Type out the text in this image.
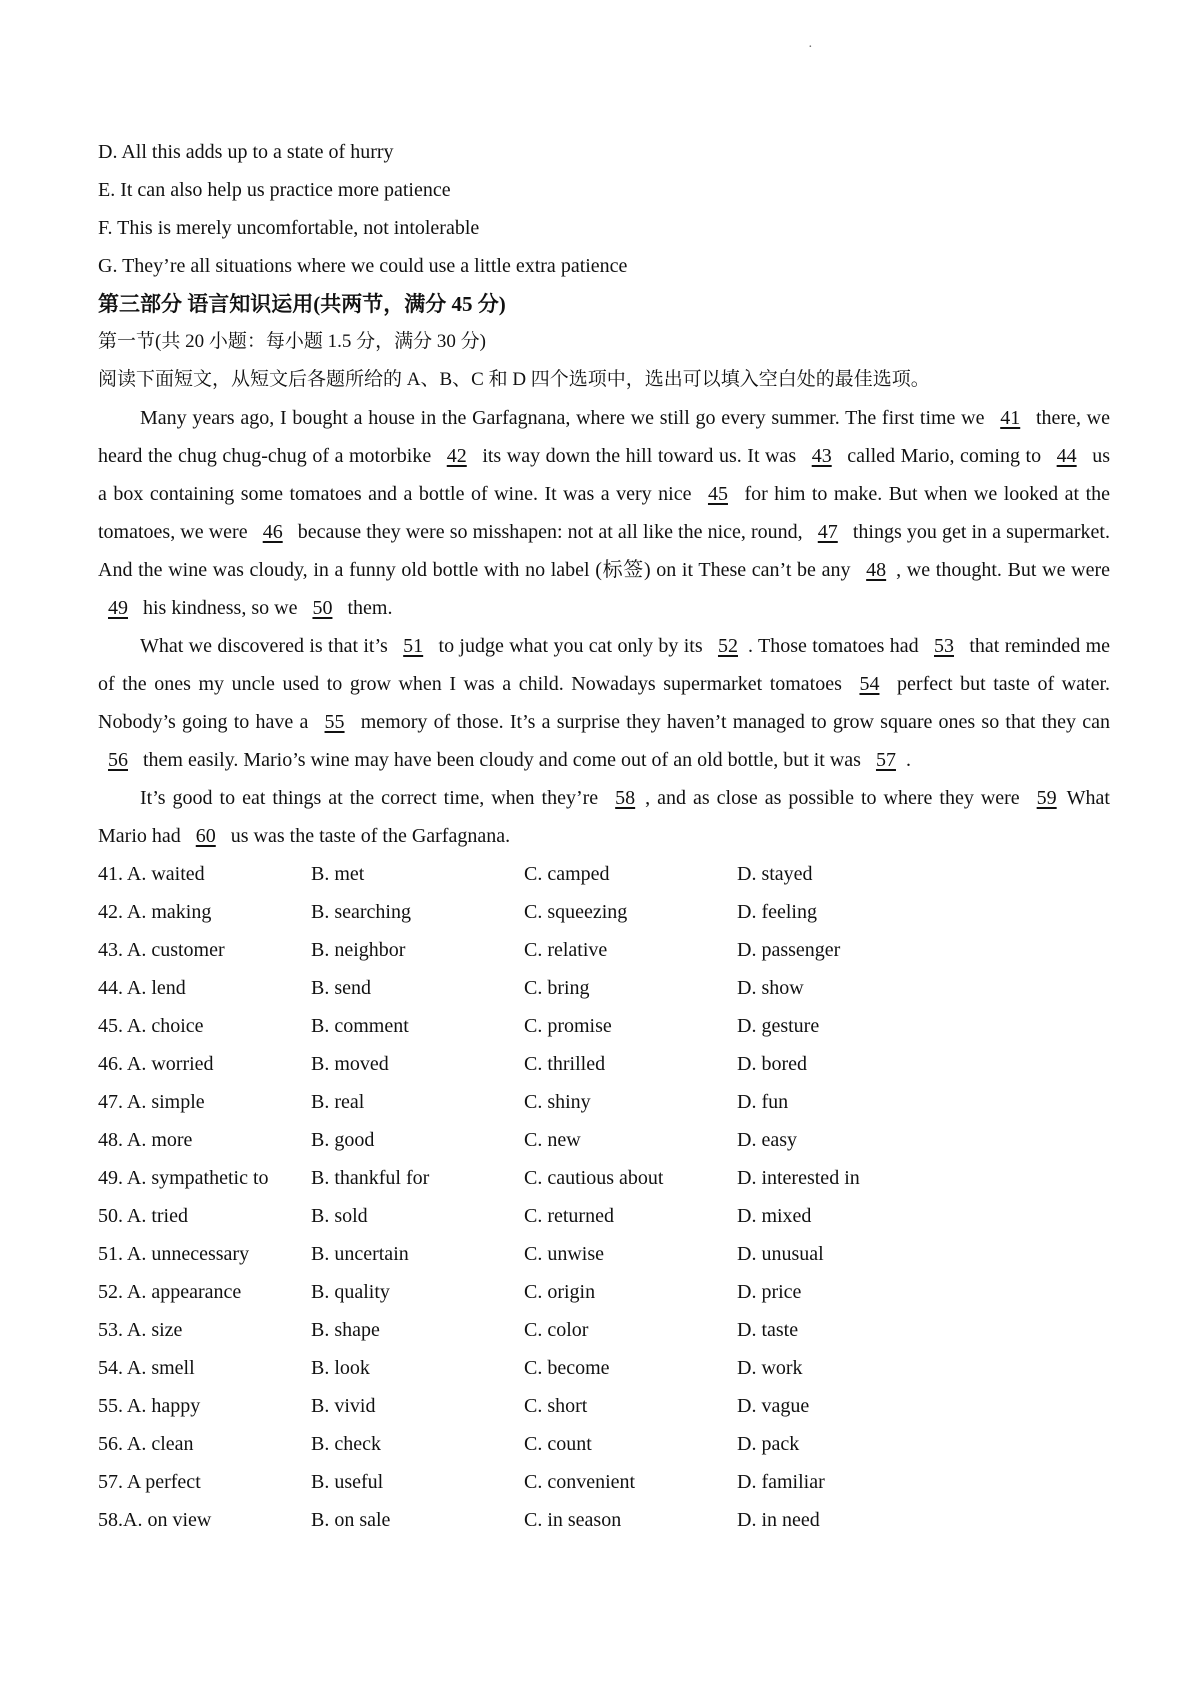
·
D. All this adds up to a state of hurry
E. It can also help us practice more patience
F. This is merely uncomfortable, not intolerable
G. They’re all situations where we could use a little extra patience
第三部分 语言知识运用(共两节，满分 45 分)
第一节(共 20 小题：每小题 1.5 分，满分 30 分)
阅读下面短文，从短文后各题所给的 A、B、C 和 D 四个选项中，选出可以填入空白处的最佳选项。
Many years ago, I bought a house in the Garfagnana, where we still go every summer. The first time we 41 there, we heard the chug chug-chug of a motorbike 42 its way down the hill toward us. It was 43 called Mario, coming to 44 us a box containing some tomatoes and a bottle of wine. It was a very nice 45 for him to make. But when we looked at the tomatoes, we were 46 because they were so misshapen: not at all like the nice, round, 47 things you get in a supermarket. And the wine was cloudy, in a funny old bottle with no label (标签) on it These can’t be any 48 , we thought. But we were 49 his kindness, so we 50 them.
What we discovered is that it’s 51 to judge what you cat only by its 52 . Those tomatoes had 53 that reminded me of the ones my uncle used to grow when I was a child. Nowadays supermarket tomatoes 54 perfect but taste of water. Nobody’s going to have a 55 memory of those. It’s a surprise they haven’t managed to grow square ones so that they can 56 them easily. Mario’s wine may have been cloudy and come out of an old bottle, but it was 57 .
It’s good to eat things at the correct time, when they’re 58 , and as close as possible to where they were 59 What Mario had 60 us was the taste of the Garfagnana.
41. A. waited	B. met	C. camped	D. stayed
42. A. making	B. searching	C. squeezing	D. feeling
43. A. customer	B. neighbor	C. relative	D. passenger
44. A. lend	B. send	C. bring	D. show
45. A. choice	B. comment	C. promise	D. gesture
46. A. worried	B. moved	C. thrilled	D. bored
47. A. simple	B. real	C. shiny	D. fun
48. A. more	B. good	C. new	D. easy
49. A. sympathetic to	B. thankful for	C. cautious about	D. interested in
50. A. tried	B. sold	C. returned	D. mixed
51. A. unnecessary	B. uncertain	C. unwise	D. unusual
52. A. appearance	B. quality	C. origin	D. price
53. A. size	B. shape	C. color	D. taste
54. A. smell	B. look	C. become	D. work
55. A. happy	B. vivid	C. short	D. vague
56. A. clean	B. check	C. count	D. pack
57. A perfect	B. useful	C. convenient	D. familiar
58.A. on view	B. on sale	C. in season	D. in need
